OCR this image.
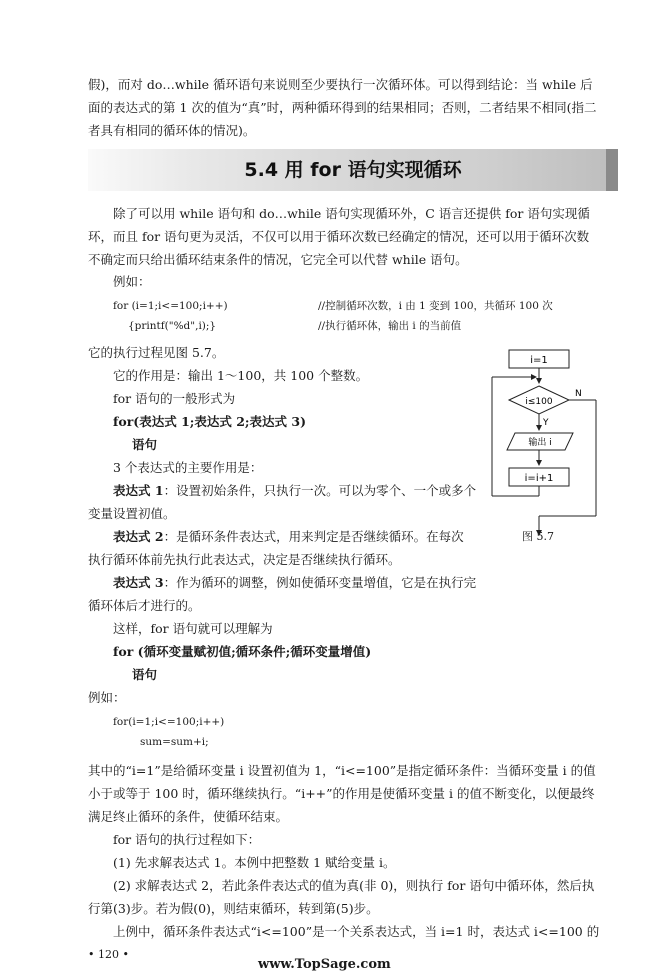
假)，而对 do…while 循环语句来说则至少要执行一次循环体。可以得到结论：当 while 后

面的表达式的第 1 次的值为“真”时，两种循环得到的结果相同；否则，二者结果不相同(指二

者具有相同的循环体的情况)。

5.4 用 for 语句实现循环

除了可以用 while 语句和 do…while 语句实现循环外，C 语言还提供 for 语句实现循

环，而且 for 语句更为灵活，不仅可以用于循环次数已经确定的情况，还可以用于循环次数

不确定而只给出循环结束条件的情况，它完全可以代替 while 语句。

例如：

for (i=1;i<=100;i++)	//控制循环次数，i 由 1 变到 100，共循环 100 次

{printf("%d",i);}	//执行循环体，输出 i 的当前值

它的执行过程见图 5.7。

它的作用是：输出 1～100，共 100 个整数。

for 语句的一般形式为

for(表达式 1;表达式 2;表达式 3)

语句

3 个表达式的主要作用是：

表达式 1：设置初始条件，只执行一次。可以为零个、一个或多个

变量设置初值。

表达式 2：是循环条件表达式，用来判定是否继续循环。在每次

执行循环体前先执行此表达式，决定是否继续执行循环。

表达式 3：作为循环的调整，例如使循环变量增值，它是在执行完

循环体后才进行的。

这样，for 语句就可以理解为

for (循环变量赋初值;循环条件;循环变量增值)

语句

例如：

for(i=1;i<=100;i++)

sum=sum+i;

其中的“i=1”是给循环变量 i 设置初值为 1，“i<=100”是指定循环条件：当循环变量 i 的值

小于或等于 100 时，循环继续执行。“i++”的作用是使循环变量 i 的值不断变化，以便最终

满足终止循环的条件，使循环结束。

for 语句的执行过程如下：

(1) 先求解表达式 1。本例中把整数 1 赋给变量 i。

(2) 求解表达式 2，若此条件表达式的值为真(非 0)，则执行 for 语句中循环体，然后执

行第(3)步。若为假(0)，则结束循环，转到第(5)步。

上例中，循环条件表达式“i<=100”是一个关系表达式，当 i=1 时，表达式 i<=100 的

• 120 •

www.TopSage.com

i=1
i≤100
N
Y
输出 i
i=i+1

图 5.7
